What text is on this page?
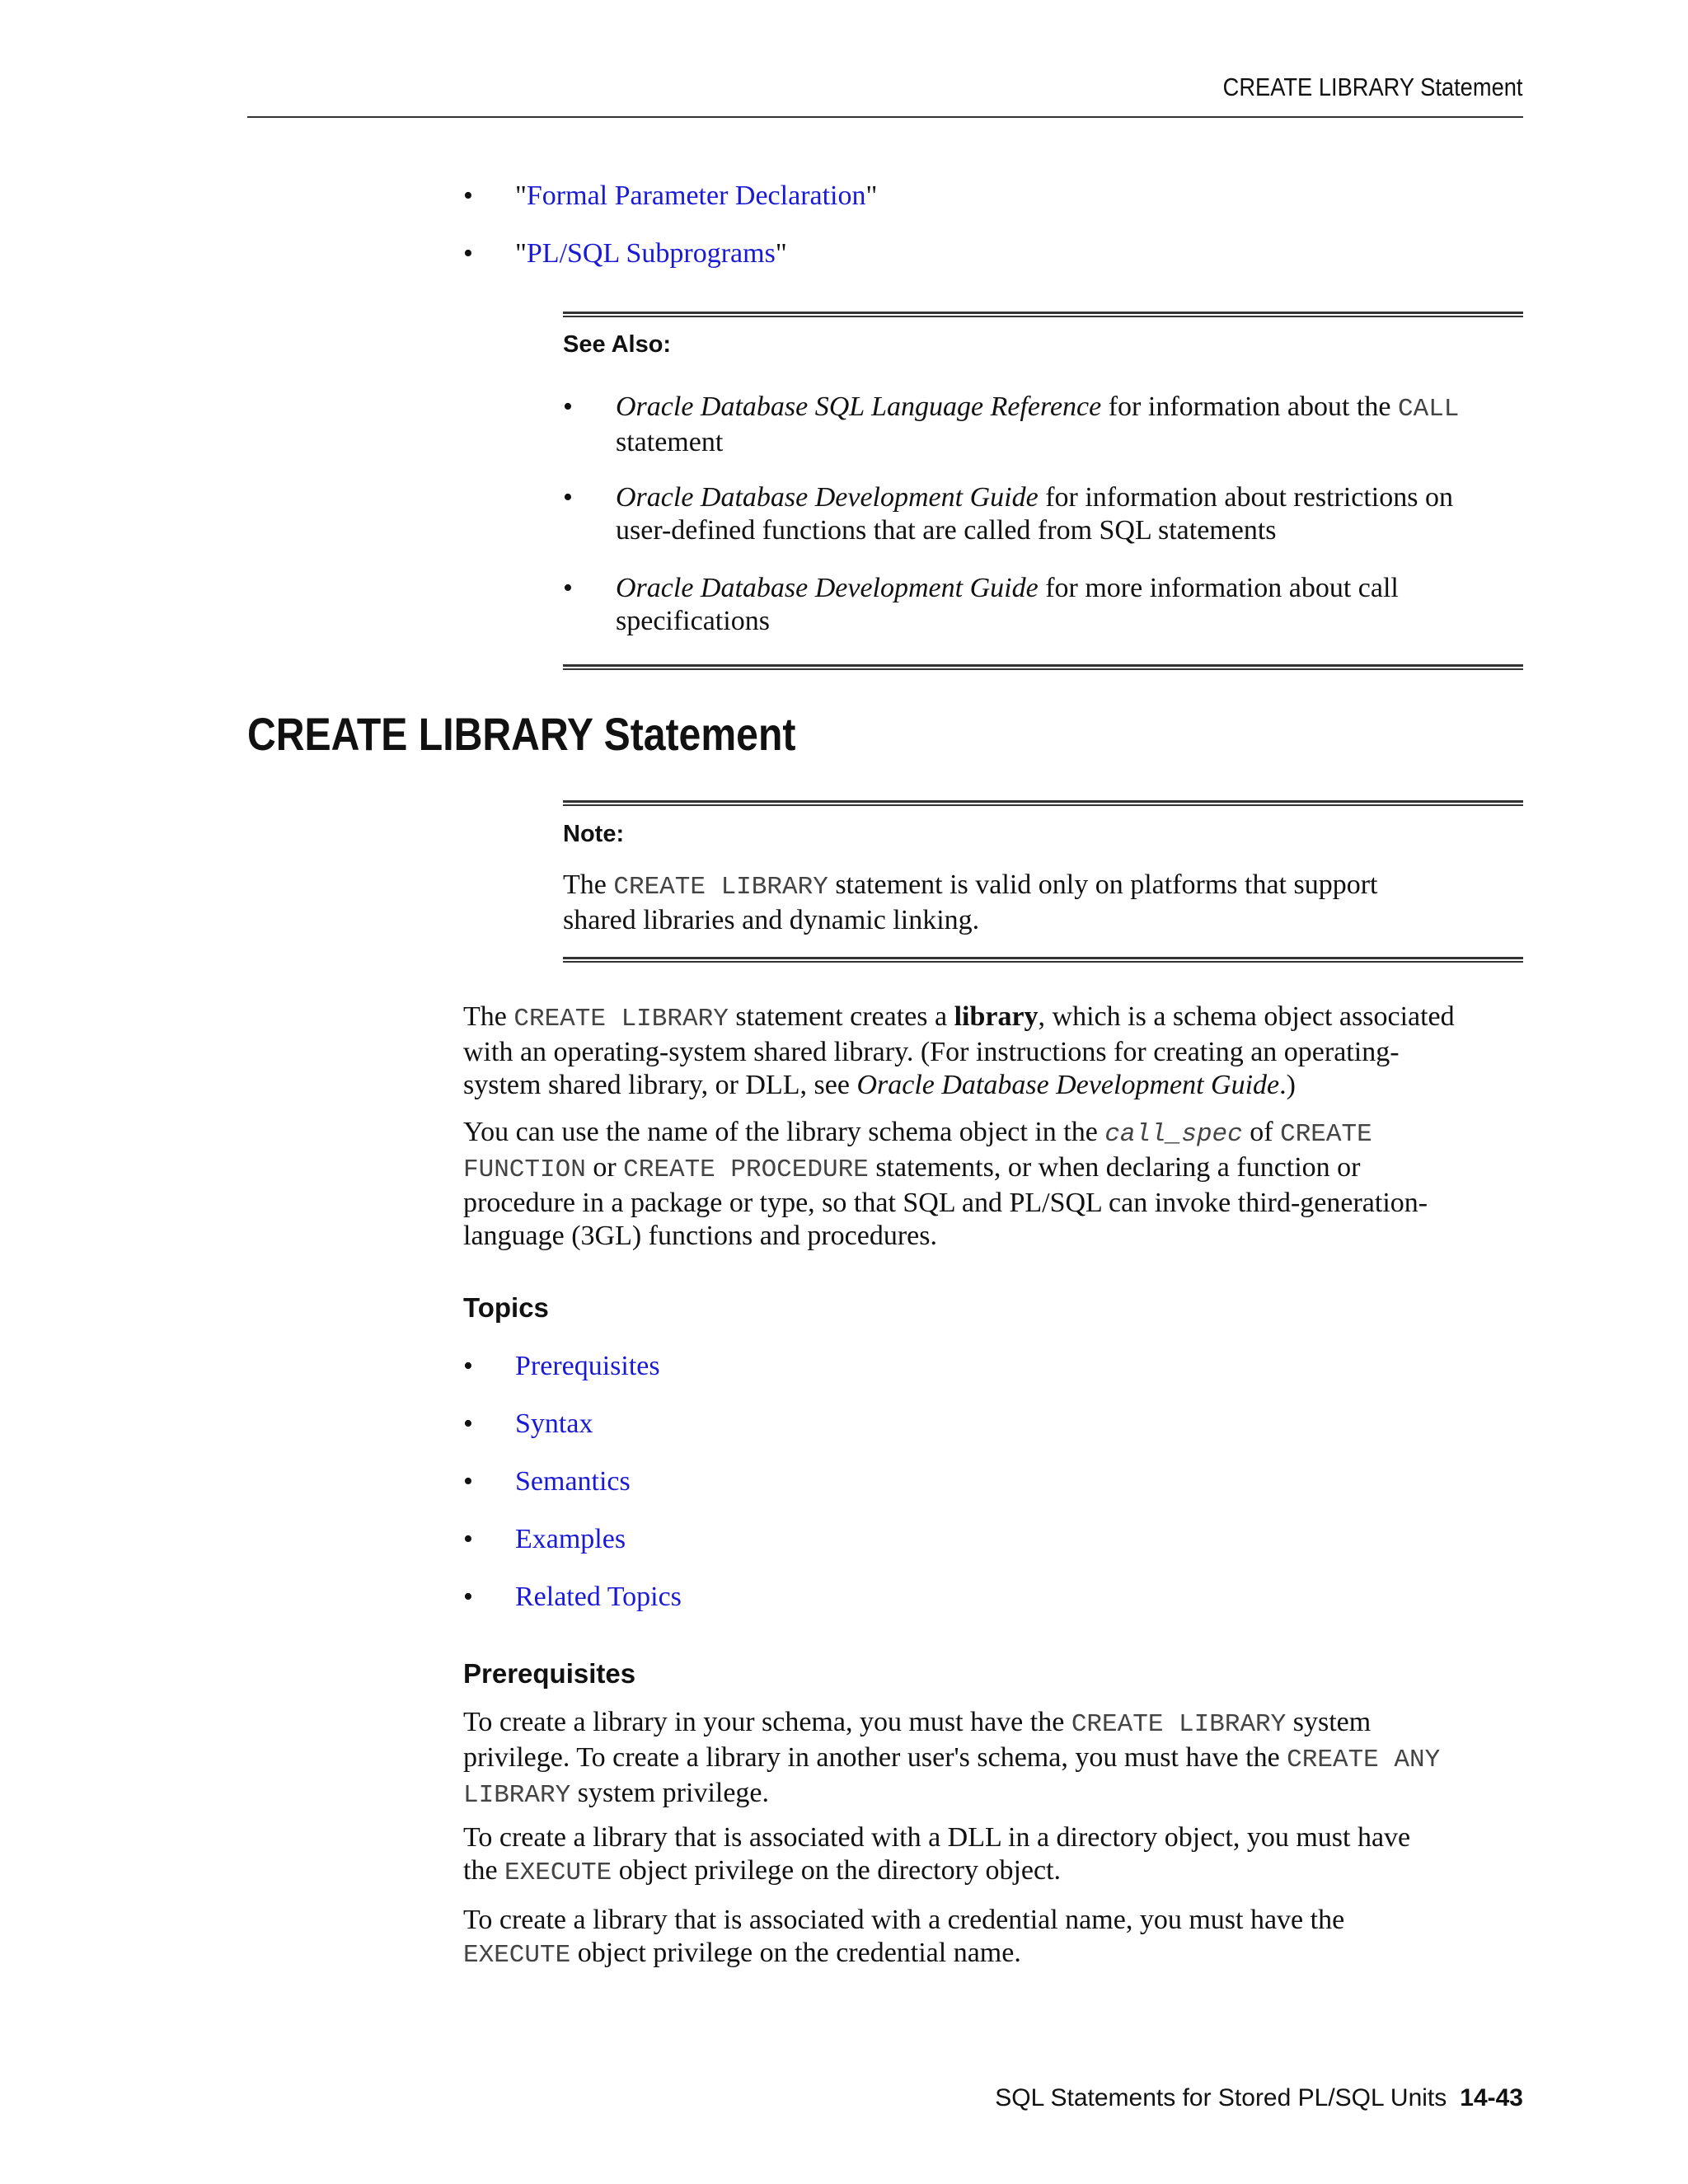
CREATE LIBRARY Statement
• "Formal Parameter Declaration"
• "PL/SQL Subprograms"
See Also:
• Oracle Database SQL Language Reference for information about the CALL
statement
• Oracle Database Development Guide for information about restrictions on
user-defined functions that are called from SQL statements
• Oracle Database Development Guide for more information about call
specifications
CREATE LIBRARY Statement
Note:
The CREATE LIBRARY statement is valid only on platforms that support
shared libraries and dynamic linking.
The CREATE LIBRARY statement creates a library, which is a schema object associated
with an operating-system shared library. (For instructions for creating an operating-
system shared library, or DLL, see Oracle Database Development Guide.)
You can use the name of the library schema object in the call_spec of CREATE
FUNCTION or CREATE PROCEDURE statements, or when declaring a function or
procedure in a package or type, so that SQL and PL/SQL can invoke third-generation-
language (3GL) functions and procedures.
Topics
• Prerequisites
• Syntax
• Semantics
• Examples
• Related Topics
Prerequisites
To create a library in your schema, you must have the CREATE LIBRARY system
privilege. To create a library in another user's schema, you must have the CREATE ANY
LIBRARY system privilege.
To create a library that is associated with a DLL in a directory object, you must have
the EXECUTE object privilege on the directory object.
To create a library that is associated with a credential name, you must have the
EXECUTE object privilege on the credential name.
SQL Statements for Stored PL/SQL Units 14-43
